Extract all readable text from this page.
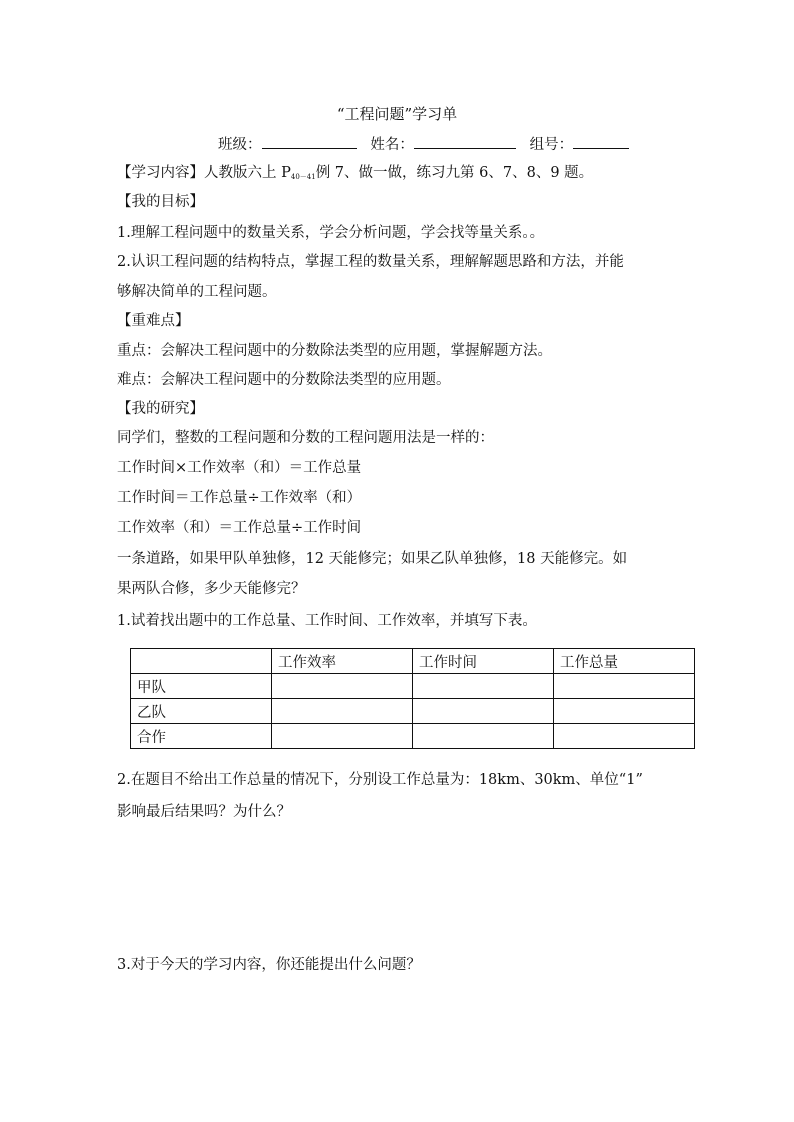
“工程问题”学习单
班级：	姓名：	组号：
【学习内容】人教版六上 $P_{40-41}$例 7、做一做，练习九第 6、7、8、9 题。
【我的目标】
1.理解工程问题中的数量关系，学会分析问题，学会找等量关系。。
2.认识工程问题的结构特点，掌握工程的数量关系，理解解题思路和方法，并能
够解决简单的工程问题。
【重难点】
重点：会解决工程问题中的分数除法类型的应用题，掌握解题方法。
难点：会解决工程问题中的分数除法类型的应用题。
【我的研究】
同学们，整数的工程问题和分数的工程问题用法是一样的：
工作时间×工作效率（和）＝工作总量
工作时间＝工作总量÷工作效率（和）
工作效率（和）＝工作总量÷工作时间
一条道路，如果甲队单独修，12 天能修完；如果乙队单独修，18 天能修完。如
果两队合修，多少天能修完？
1.试着找出题中的工作总量、工作时间、工作效率，并填写下表。
	工作效率	工作时间	工作总量
甲队			
乙队			
合作			
2.在题目不给出工作总量的情况下，分别设工作总量为：18km、30km、单位“1”
影响最后结果吗？为什么？
3.对于今天的学习内容，你还能提出什么问题？
